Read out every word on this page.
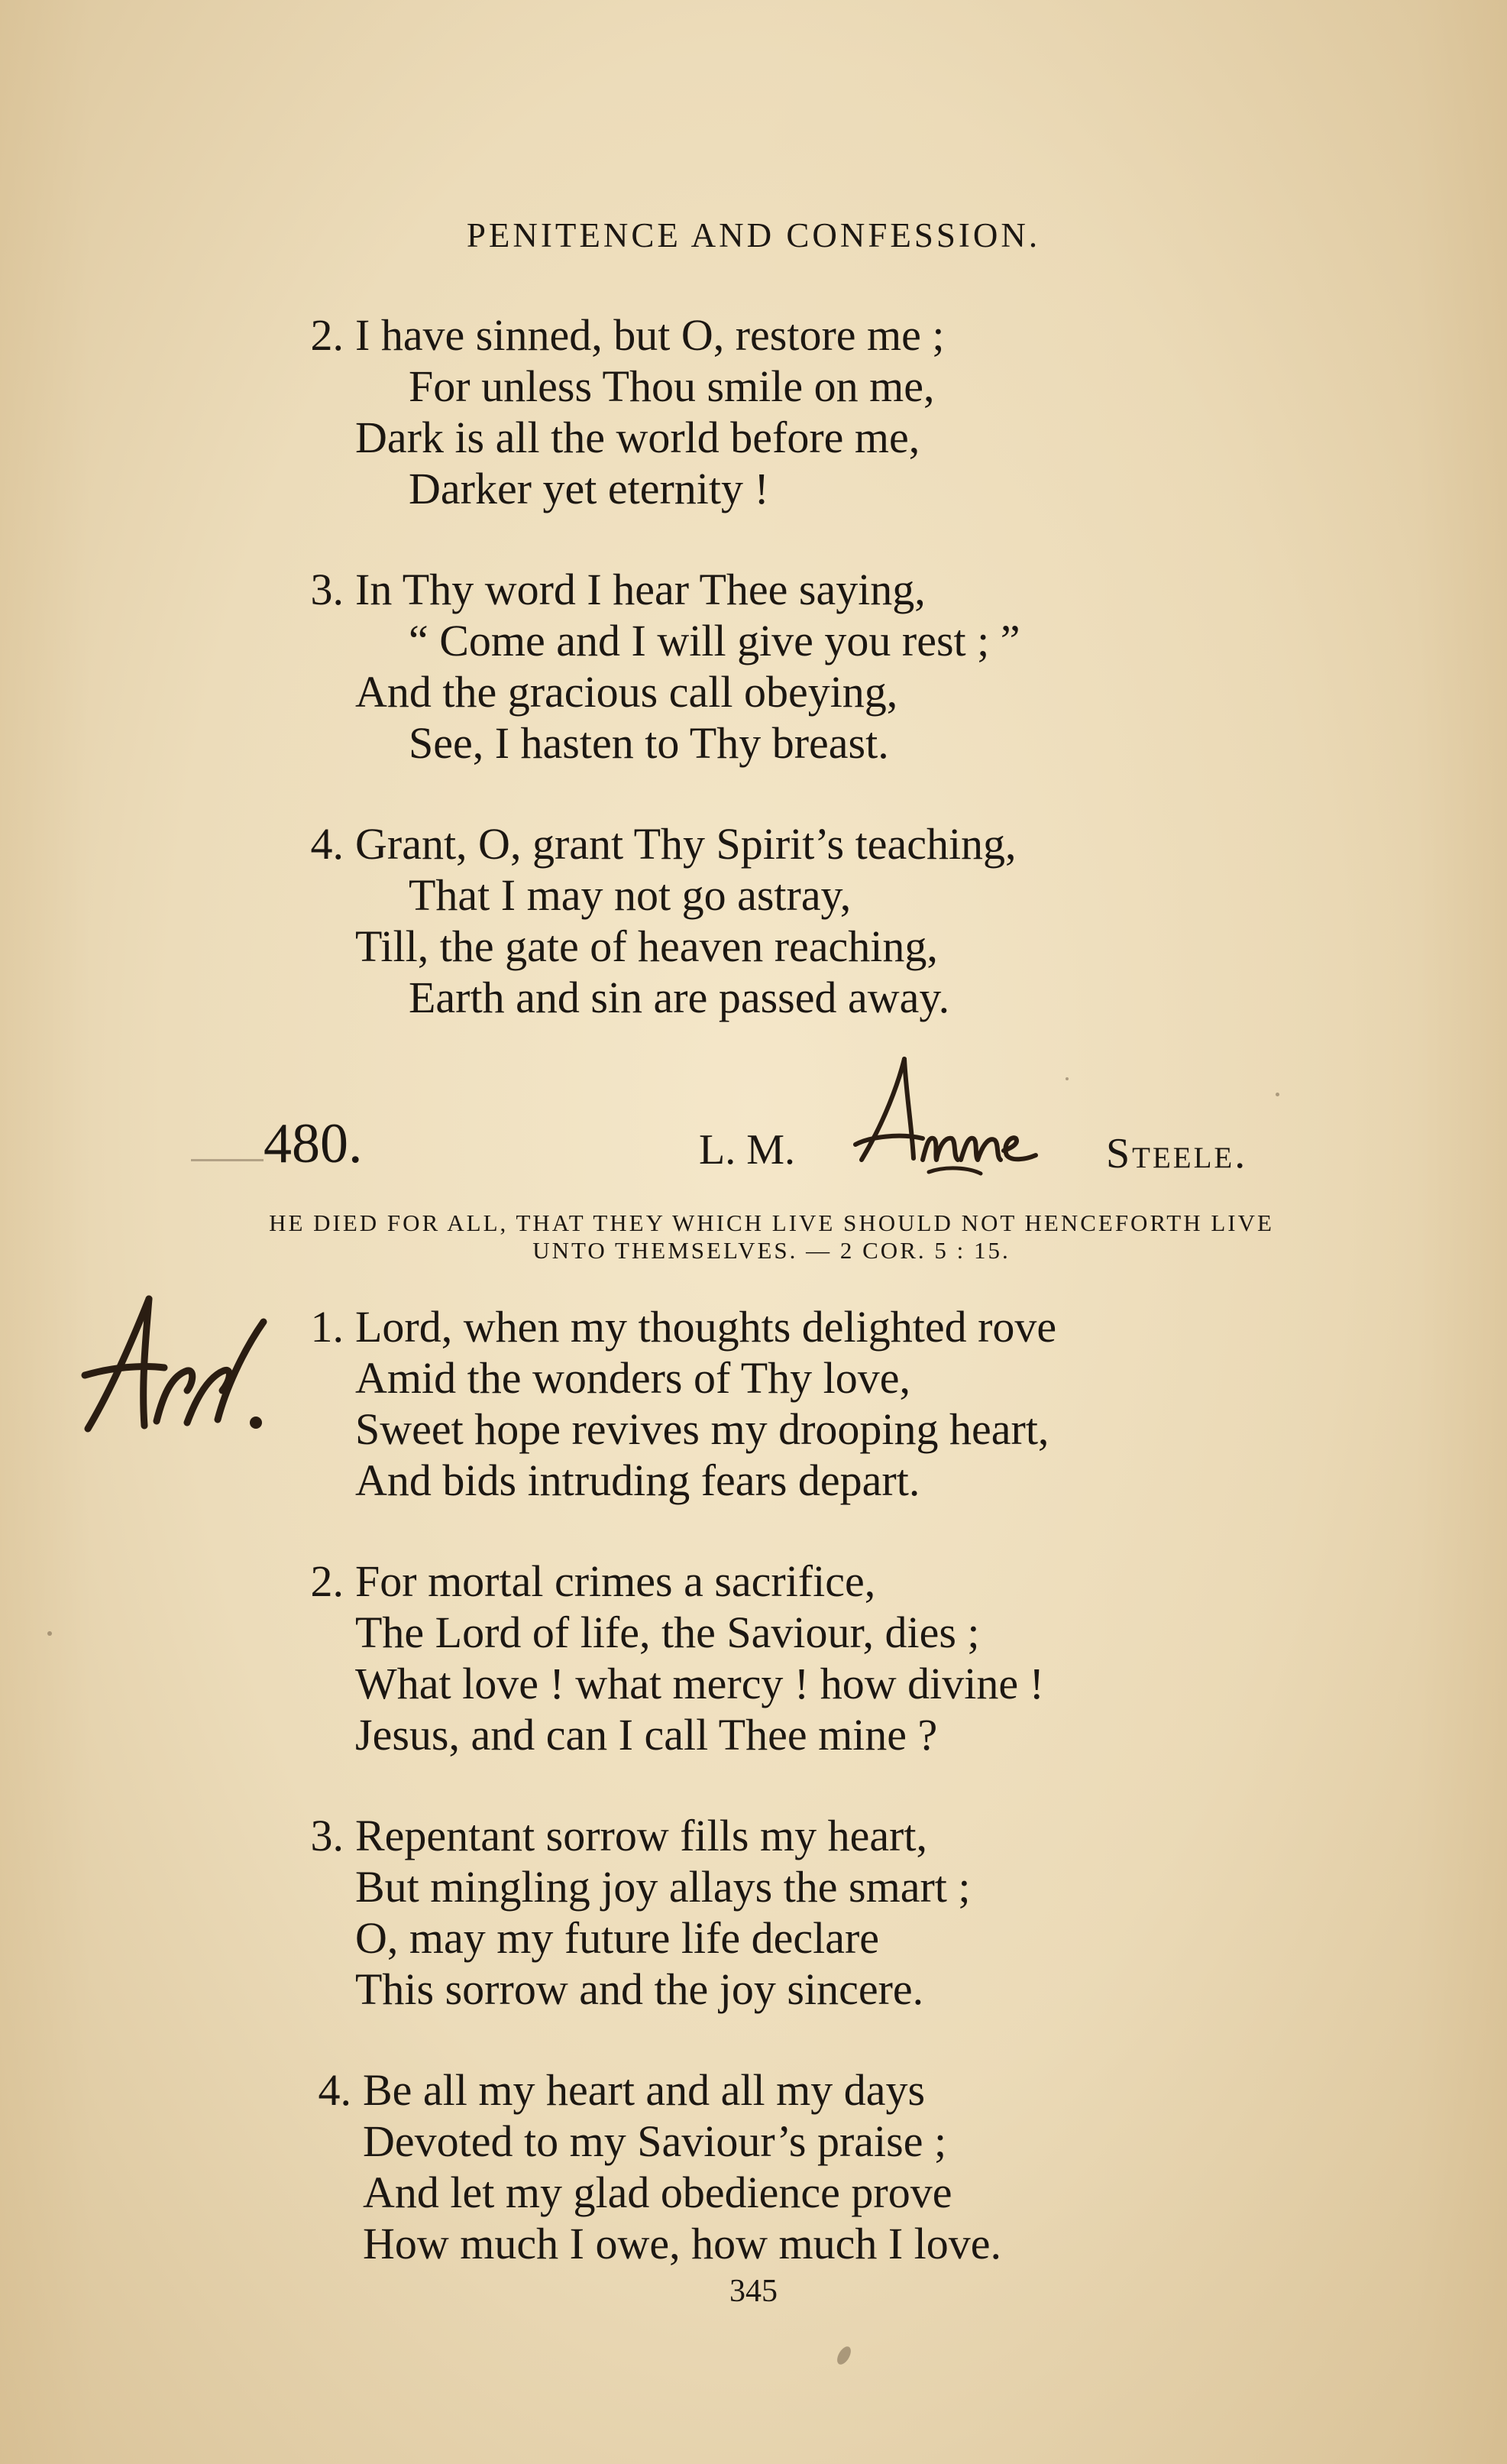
PENITENCE AND CONFESSION.
2. I have sinned, but O, restore me ;
For unless Thou smile on me,
Dark is all the world before me,
Darker yet eternity !
3. In Thy word I hear Thee saying,
“ Come and I will give you rest ; ”
And the gracious call obeying,
See, I hasten to Thy breast.
4. Grant, O, grant Thy Spirit’s teaching,
That I may not go astray,
Till, the gate of heaven reaching,
Earth and sin are passed away.
480.	L. M.	Steele.
HE DIED FOR ALL, THAT THEY WHICH LIVE SHOULD NOT HENCEFORTH LIVE
UNTO THEMSELVES. — 2 COR. 5 : 15.
1. Lord, when my thoughts delighted rove
Amid the wonders of Thy love,
Sweet hope revives my drooping heart,
And bids intruding fears depart.
2. For mortal crimes a sacrifice,
The Lord of life, the Saviour, dies ;
What love ! what mercy ! how divine !
Jesus, and can I call Thee mine ?
3. Repentant sorrow fills my heart,
But mingling joy allays the smart ;
O, may my future life declare
This sorrow and the joy sincere.
4. Be all my heart and all my days
Devoted to my Saviour’s praise ;
And let my glad obedience prove
How much I owe, how much I love.
345
